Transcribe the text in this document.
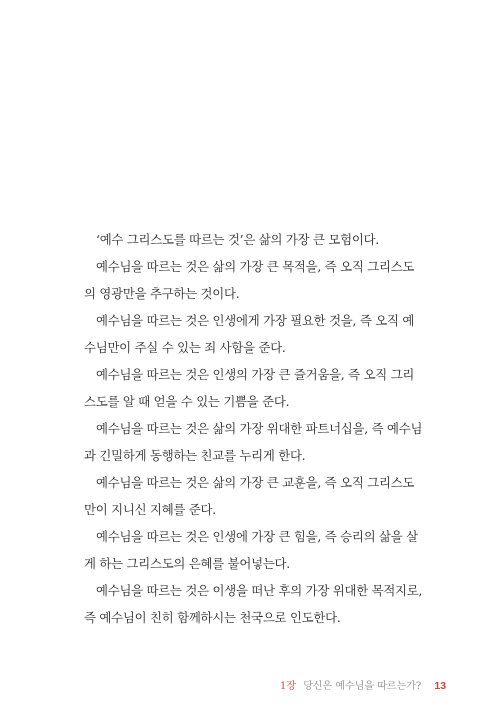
‘예수 그리스도를 따르는 것’은 삶의 가장 큰 모험이다.
예수님을 따르는 것은 삶의 가장 큰 목적을, 즉 오직 그리스도
의 영광만을 추구하는 것이다.
예수님을 따르는 것은 인생에게 가장 필요한 것을, 즉 오직 예
수님만이 주실 수 있는 죄 사함을 준다.
예수님을 따르는 것은 인생의 가장 큰 즐거움을, 즉 오직 그리
스도를 알 때 얻을 수 있는 기쁨을 준다.
예수님을 따르는 것은 삶의 가장 위대한 파트너십을, 즉 예수님
과 긴밀하게 동행하는 친교를 누리게 한다.
예수님을 따르는 것은 삶의 가장 큰 교훈을, 즉 오직 그리스도
만이 지니신 지혜를 준다.
예수님을 따르는 것은 인생에 가장 큰 힘을, 즉 승리의 삶을 살
게 하는 그리스도의 은혜를 불어넣는다.
예수님을 따르는 것은 이생을 떠난 후의 가장 위대한 목적지로,
즉 예수님이 친히 함께하시는 천국으로 인도한다.
1장 당신은 예수님을 따르는가? 13
